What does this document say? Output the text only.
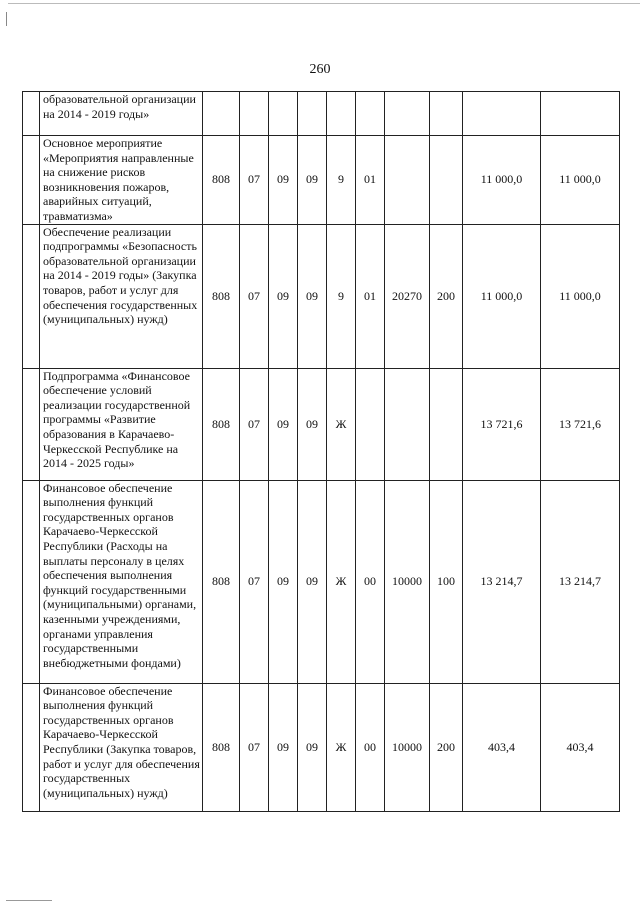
260
	образовательной организации на 2014 - 2019 годы»										
	Основное мероприятие «Мероприятия направленные на снижение рисков возникновения пожаров, аварийных ситуаций, травматизма»	808	07	09	09	9	01			11 000,0	11 000,0
	Обеспечение реализации подпрограммы «Безопасность образовательной организации на 2014 - 2019 годы» (Закупка товаров, работ и услуг для обеспечения государственных (муниципальных) нужд)	808	07	09	09	9	01	20270	200	11 000,0	11 000,0
	Подпрограмма «Финансовое обеспечение условий реализации государственной программы «Развитие образования в Карачаево-Черкесской Республике на 2014 - 2025 годы»	808	07	09	09	Ж				13 721,6	13 721,6
	Финансовое обеспечение выполнения функций государственных органов Карачаево-Черкесской Республики (Расходы на выплаты персоналу в целях обеспечения выполнения функций государственными (муниципальными) органами, казенными учреждениями, органами управления государственными внебюджетными фондами)	808	07	09	09	Ж	00	10000	100	13 214,7	13 214,7
	Финансовое обеспечение выполнения функций государственных органов Карачаево-Черкесской Республики (Закупка товаров, работ и услуг для обеспечения государственных (муниципальных) нужд)	808	07	09	09	Ж	00	10000	200	403,4	403,4
